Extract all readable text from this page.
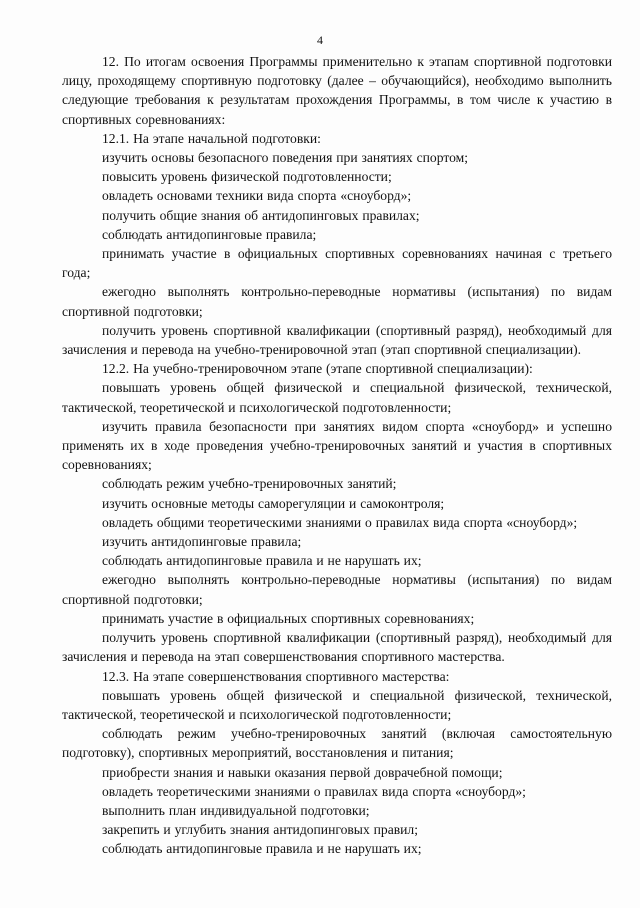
4

12. По итогам освоения Программы применительно к этапам спортивной подготовки лицу, проходящему спортивную подготовку (далее – обучающийся), необходимо выполнить следующие требования к результатам прохождения Программы, в том числе к участию в спортивных соревнованиях:

12.1. На этапе начальной подготовки:

изучить основы безопасного поведения при занятиях спортом;

повысить уровень физической подготовленности;

овладеть основами техники вида спорта «сноуборд»;

получить общие знания об антидопинговых правилах;

соблюдать антидопинговые правила;

принимать участие в официальных спортивных соревнованиях начиная с третьего года;

ежегодно выполнять контрольно-переводные нормативы (испытания) по видам спортивной подготовки;

получить уровень спортивной квалификации (спортивный разряд), необходимый для зачисления и перевода на учебно-тренировочной этап (этап спортивной специализации).

12.2. На учебно-тренировочном этапе (этапе спортивной специализации):

повышать уровень общей физической и специальной физической, технической, тактической, теоретической и психологической подготовленности;

изучить правила безопасности при занятиях видом спорта «сноуборд» и успешно применять их в ходе проведения учебно-тренировочных занятий и участия в спортивных соревнованиях;

соблюдать режим учебно-тренировочных занятий;

изучить основные методы саморегуляции и самоконтроля;

овладеть общими теоретическими знаниями о правилах вида спорта «сноуборд»;

изучить антидопинговые правила;

соблюдать антидопинговые правила и не нарушать их;

ежегодно выполнять контрольно-переводные нормативы (испытания) по видам спортивной подготовки;

принимать участие в официальных спортивных соревнованиях;

получить уровень спортивной квалификации (спортивный разряд), необходимый для зачисления и перевода на этап совершенствования спортивного мастерства.

12.3. На этапе совершенствования спортивного мастерства:

повышать уровень общей физической и специальной физической, технической, тактической, теоретической и психологической подготовленности;

соблюдать режим учебно-тренировочных занятий (включая самостоятельную подготовку), спортивных мероприятий, восстановления и питания;

приобрести знания и навыки оказания первой доврачебной помощи;

овладеть теоретическими знаниями о правилах вида спорта «сноуборд»;

выполнить план индивидуальной подготовки;

закрепить и углубить знания антидопинговых правил;

соблюдать антидопинговые правила и не нарушать их;
